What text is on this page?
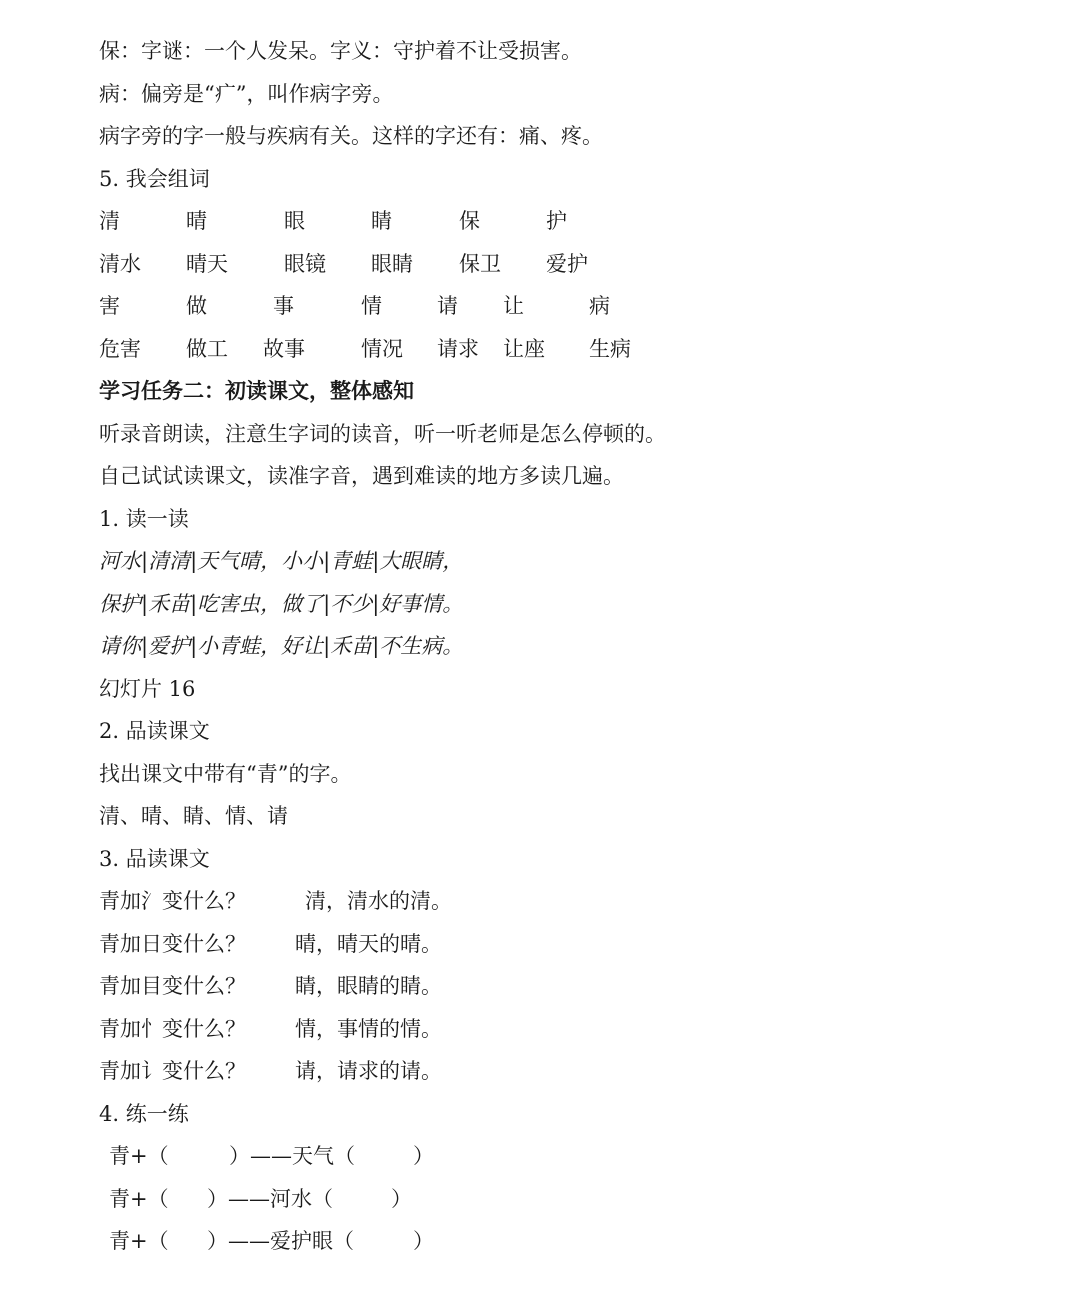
保：字谜：一个人发呆。字义：守护着不让受损害。
病：偏旁是“疒”，叫作病字旁。
病字旁的字一般与疾病有关。这样的字还有：痛、疼。
5. 我会组词
清	晴	眼	睛	保	护
清水 晴天	眼镜 眼睛 保卫 爱护
害	做	事	情	请 让	病
危害 做工 故事	情况 请求 让座 生病
学习任务二：初读课文，整体感知
听录音朗读，注意生字词的读音，听一听老师是怎么停顿的。
自己试试读课文，读准字音，遇到难读的地方多读几遍。
1. 读一读
河水|清清|天气晴，小小|青蛙|大眼睛，
保护|禾苗|吃害虫，做了|不少|好事情。
请你|爱护|小青蛙，好让|禾苗|不生病。
幻灯片 16
2. 品读课文
找出课文中带有“青”的字。
清、晴、睛、情、请
3. 品读课文
青加氵变什么？	清，清水的清。
青加日变什么？ 晴，晴天的晴。
青加目变什么？ 睛，眼睛的睛。
青加忄变什么？ 情，事情的情。
青加讠变什么？ 请，请求的请。
4. 练一练
青+（	）——天气（	）
青+（ ）——河水（	）
青+（ ）——爱护眼（	）
